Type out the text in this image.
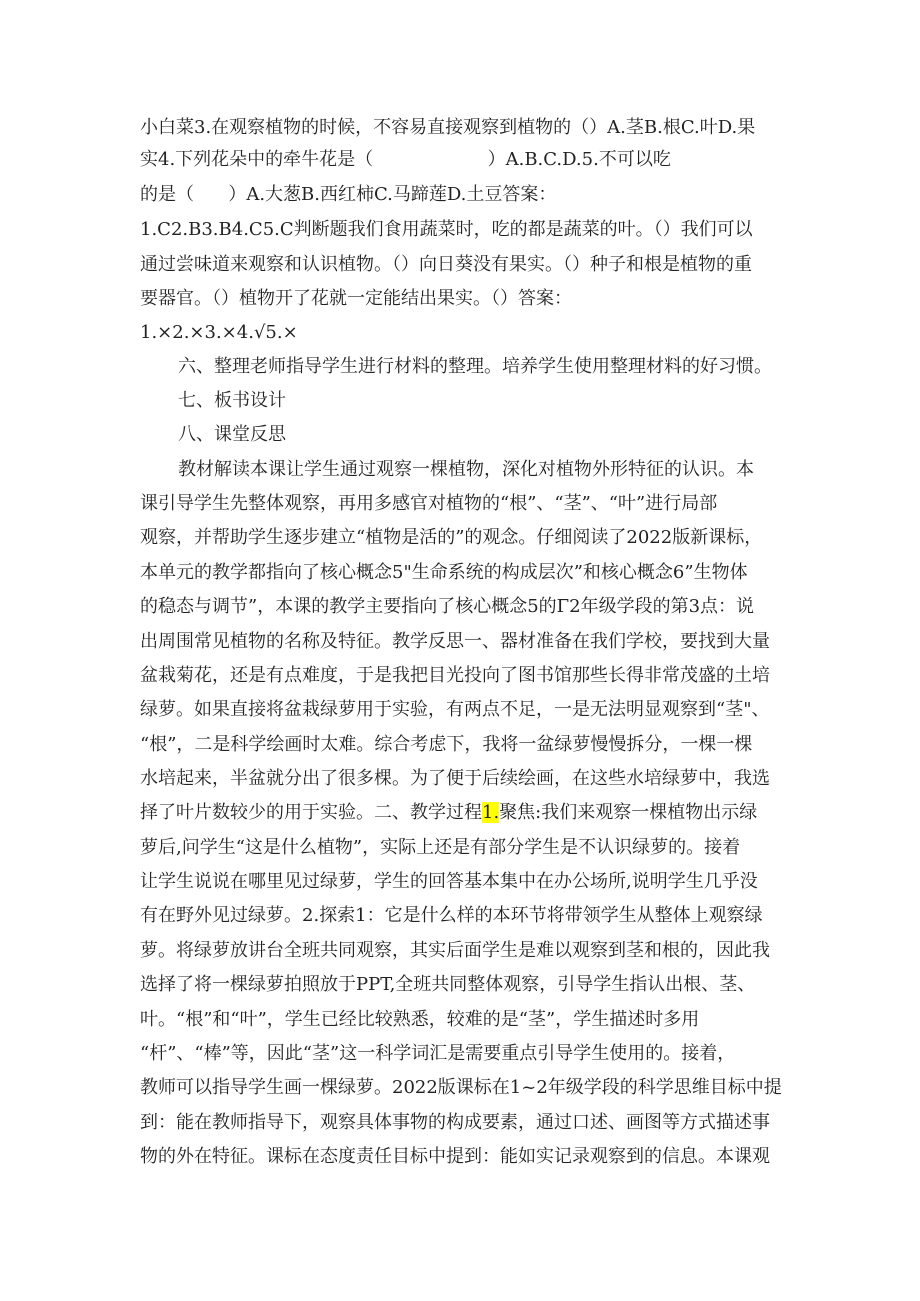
小白菜3.在观察植物的时候，不容易直接观察到植物的（）A.茎B.根C.叶D.果
实4.下列花朵中的牵牛花是（                    ）A.B.C.D.5.不可以吃
的是（      ）A.大葱B.西红柿C.马蹄莲D.土豆答案：
1.C2.B3.B4.C5.C判断题我们食用蔬菜时，吃的都是蔬菜的叶。（）我们可以
通过尝味道来观察和认识植物。（）向日葵没有果实。（）种子和根是植物的重
要器官。（）植物开了花就一定能结出果实。（）答案：
1.×2.×3.×4.√5.×
六、整理老师指导学生进行材料的整理。培养学生使用整理材料的好习惯。
七、板书设计
八、课堂反思
教材解读本课让学生通过观察一棵植物，深化对植物外形特征的认识。本
课引导学生先整体观察，再用多感官对植物的“根”、“茎”、“叶”进行局部
观察，并帮助学生逐步建立“植物是活的”的观念。仔细阅读了2022版新课标，
本单元的教学都指向了核心概念5"生命系统的构成层次”和核心概念6”生物体
的稳态与调节”，本课的教学主要指向了核心概念5的Γ2年级学段的第3点：说
出周围常见植物的名称及特征。教学反思一、器材准备在我们学校，要找到大量
盆栽菊花，还是有点难度，于是我把目光投向了图书馆那些长得非常茂盛的土培
绿萝。如果直接将盆栽绿萝用于实验，有两点不足，一是无法明显观察到“茎"、
“根”，二是科学绘画时太难。综合考虑下，我将一盆绿萝慢慢拆分，一棵一棵
水培起来，半盆就分出了很多棵。为了便于后续绘画，在这些水培绿萝中，我选
择了叶片数较少的用于实验。二、教学过程1.聚焦:我们来观察一棵植物出示绿
萝后,问学生“这是什么植物”，实际上还是有部分学生是不认识绿萝的。接着
让学生说说在哪里见过绿萝，学生的回答基本集中在办公场所,说明学生几乎没
有在野外见过绿萝。2.探索1：它是什么样的本环节将带领学生从整体上观察绿
萝。将绿萝放讲台全班共同观察，其实后面学生是难以观察到茎和根的，因此我
选择了将一棵绿萝拍照放于PPT,全班共同整体观察，引导学生指认出根、茎、
叶。“根”和“叶”，学生已经比较熟悉，较难的是“茎”，学生描述时多用
“杆”、“棒”等，因此“茎”这一科学词汇是需要重点引导学生使用的。接着，
教师可以指导学生画一棵绿萝。2022版课标在1~2年级学段的科学思维目标中提
到：能在教师指导下，观察具体事物的构成要素，通过口述、画图等方式描述事
物的外在特征。课标在态度责任目标中提到：能如实记录观察到的信息。本课观
